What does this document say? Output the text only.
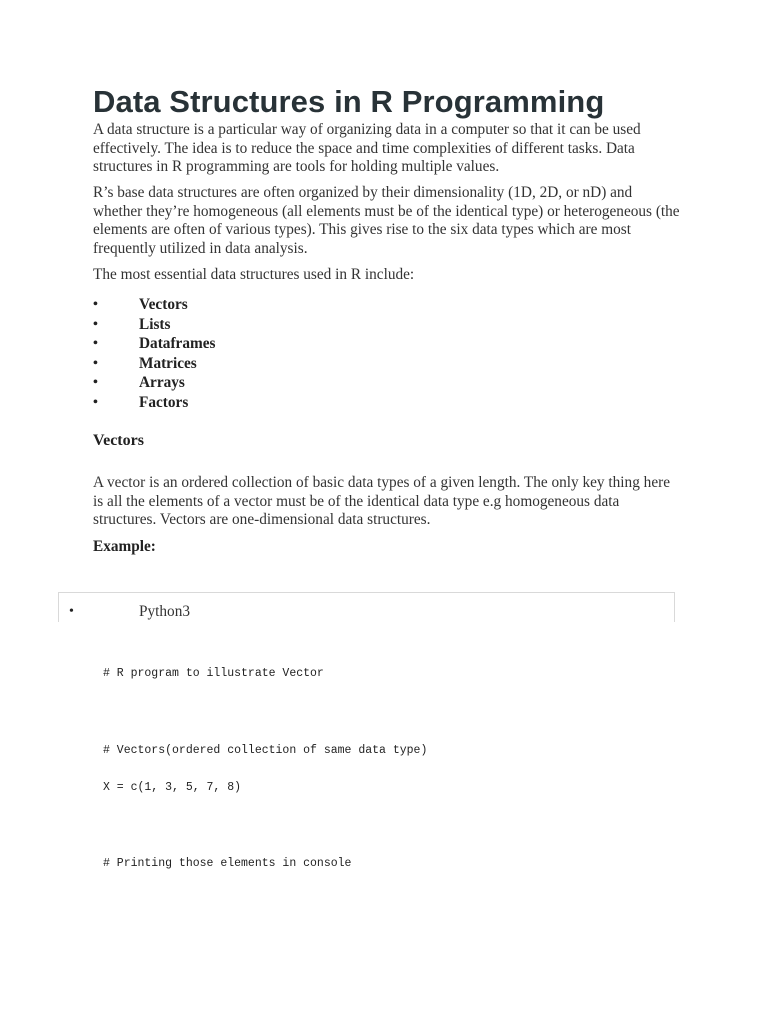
Data Structures in R Programming

A data structure is a particular way of organizing data in a computer so that it can be used effectively. The idea is to reduce the space and time complexities of different tasks. Data structures in R programming are tools for holding multiple values.

R’s base data structures are often organized by their dimensionality (1D, 2D, or nD) and whether they’re homogeneous (all elements must be of the identical type) or heterogeneous (the elements are often of various types). This gives rise to the six data types which are most frequently utilized in data analysis.

The most essential data structures used in R include:

•	Vectors
•	Lists
•	Dataframes
•	Matrices
•	Arrays
•	Factors
Vectors

A vector is an ordered collection of basic data types of a given length. The only key thing here is all the elements of a vector must be of the identical data type e.g homogeneous data structures. Vectors are one-dimensional data structures.

Example:

•	Python3
# R program to illustrate Vector
# Vectors(ordered collection of same data type)
X = c(1, 3, 5, 7, 8)
# Printing those elements in console
